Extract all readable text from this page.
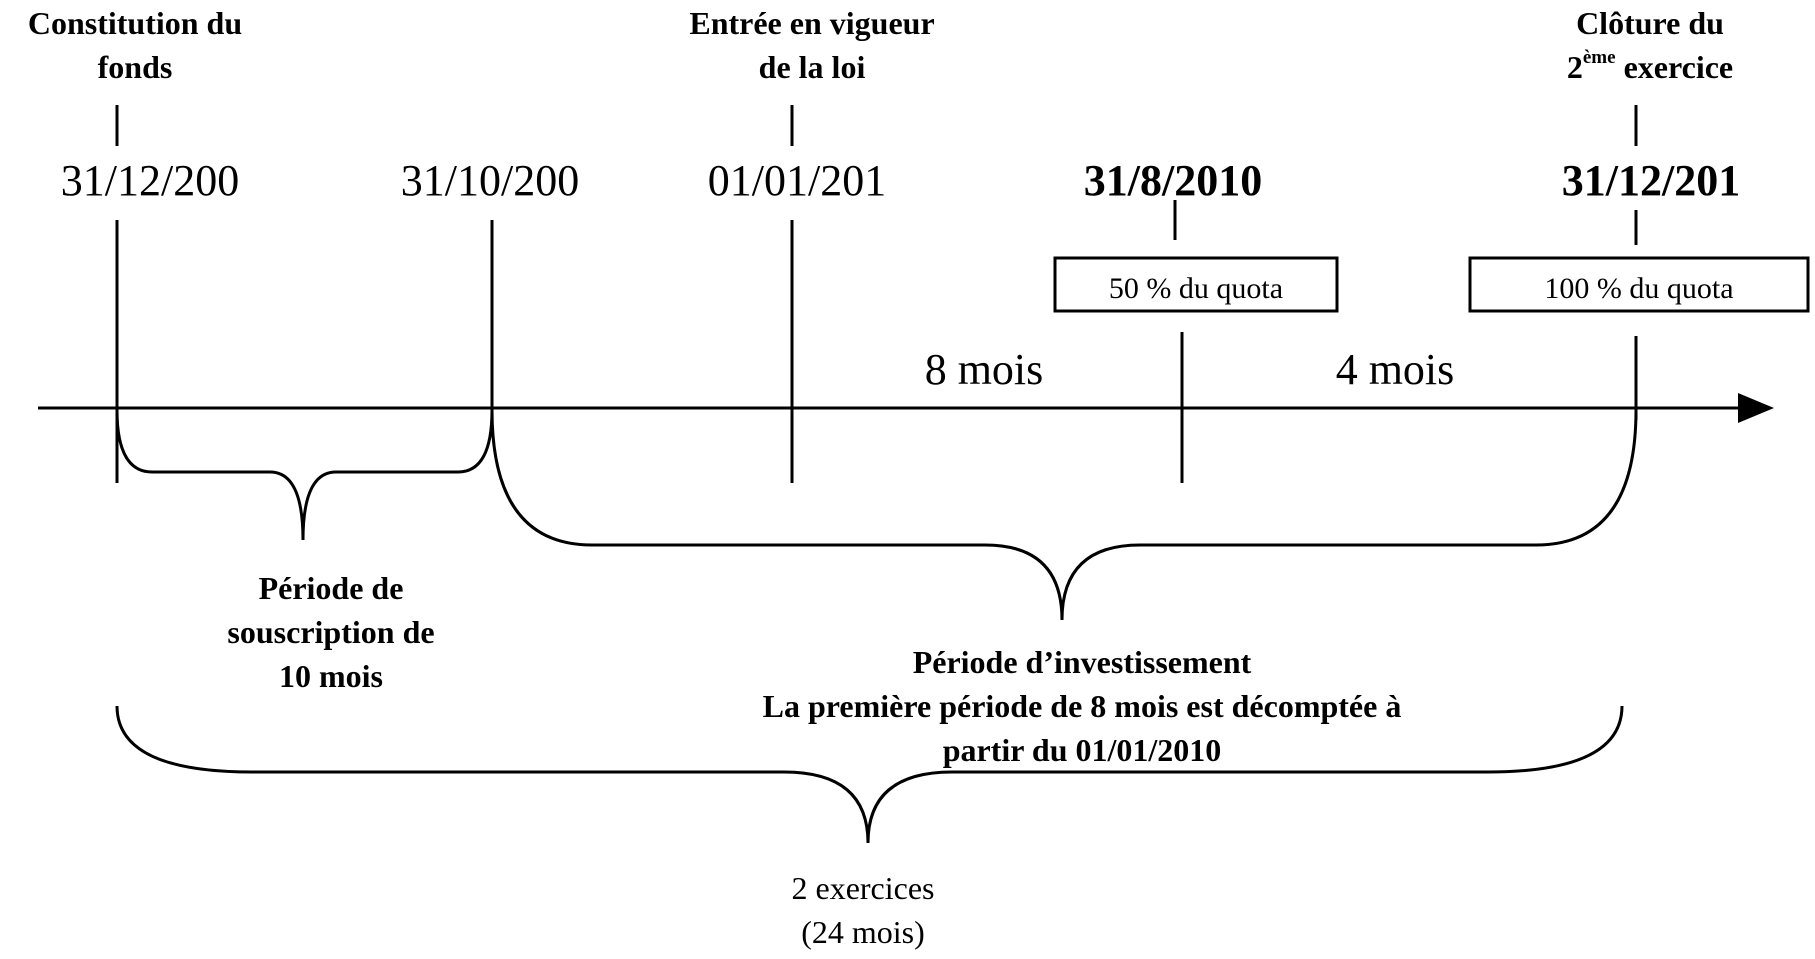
Constitution du
fonds
Entrée en vigueur
de la loi
Clôture du
2ème exercice
31/12/200	31/10/200	01/01/201	31/8/2010	31/12/201
50 % du quota	100 % du quota
8 mois	4 mois
Période de
souscription de
10 mois	Période d’investissement
La première période de 8 mois est décomptée à
partir du 01/01/2010
2 exercices
(24 mois)
